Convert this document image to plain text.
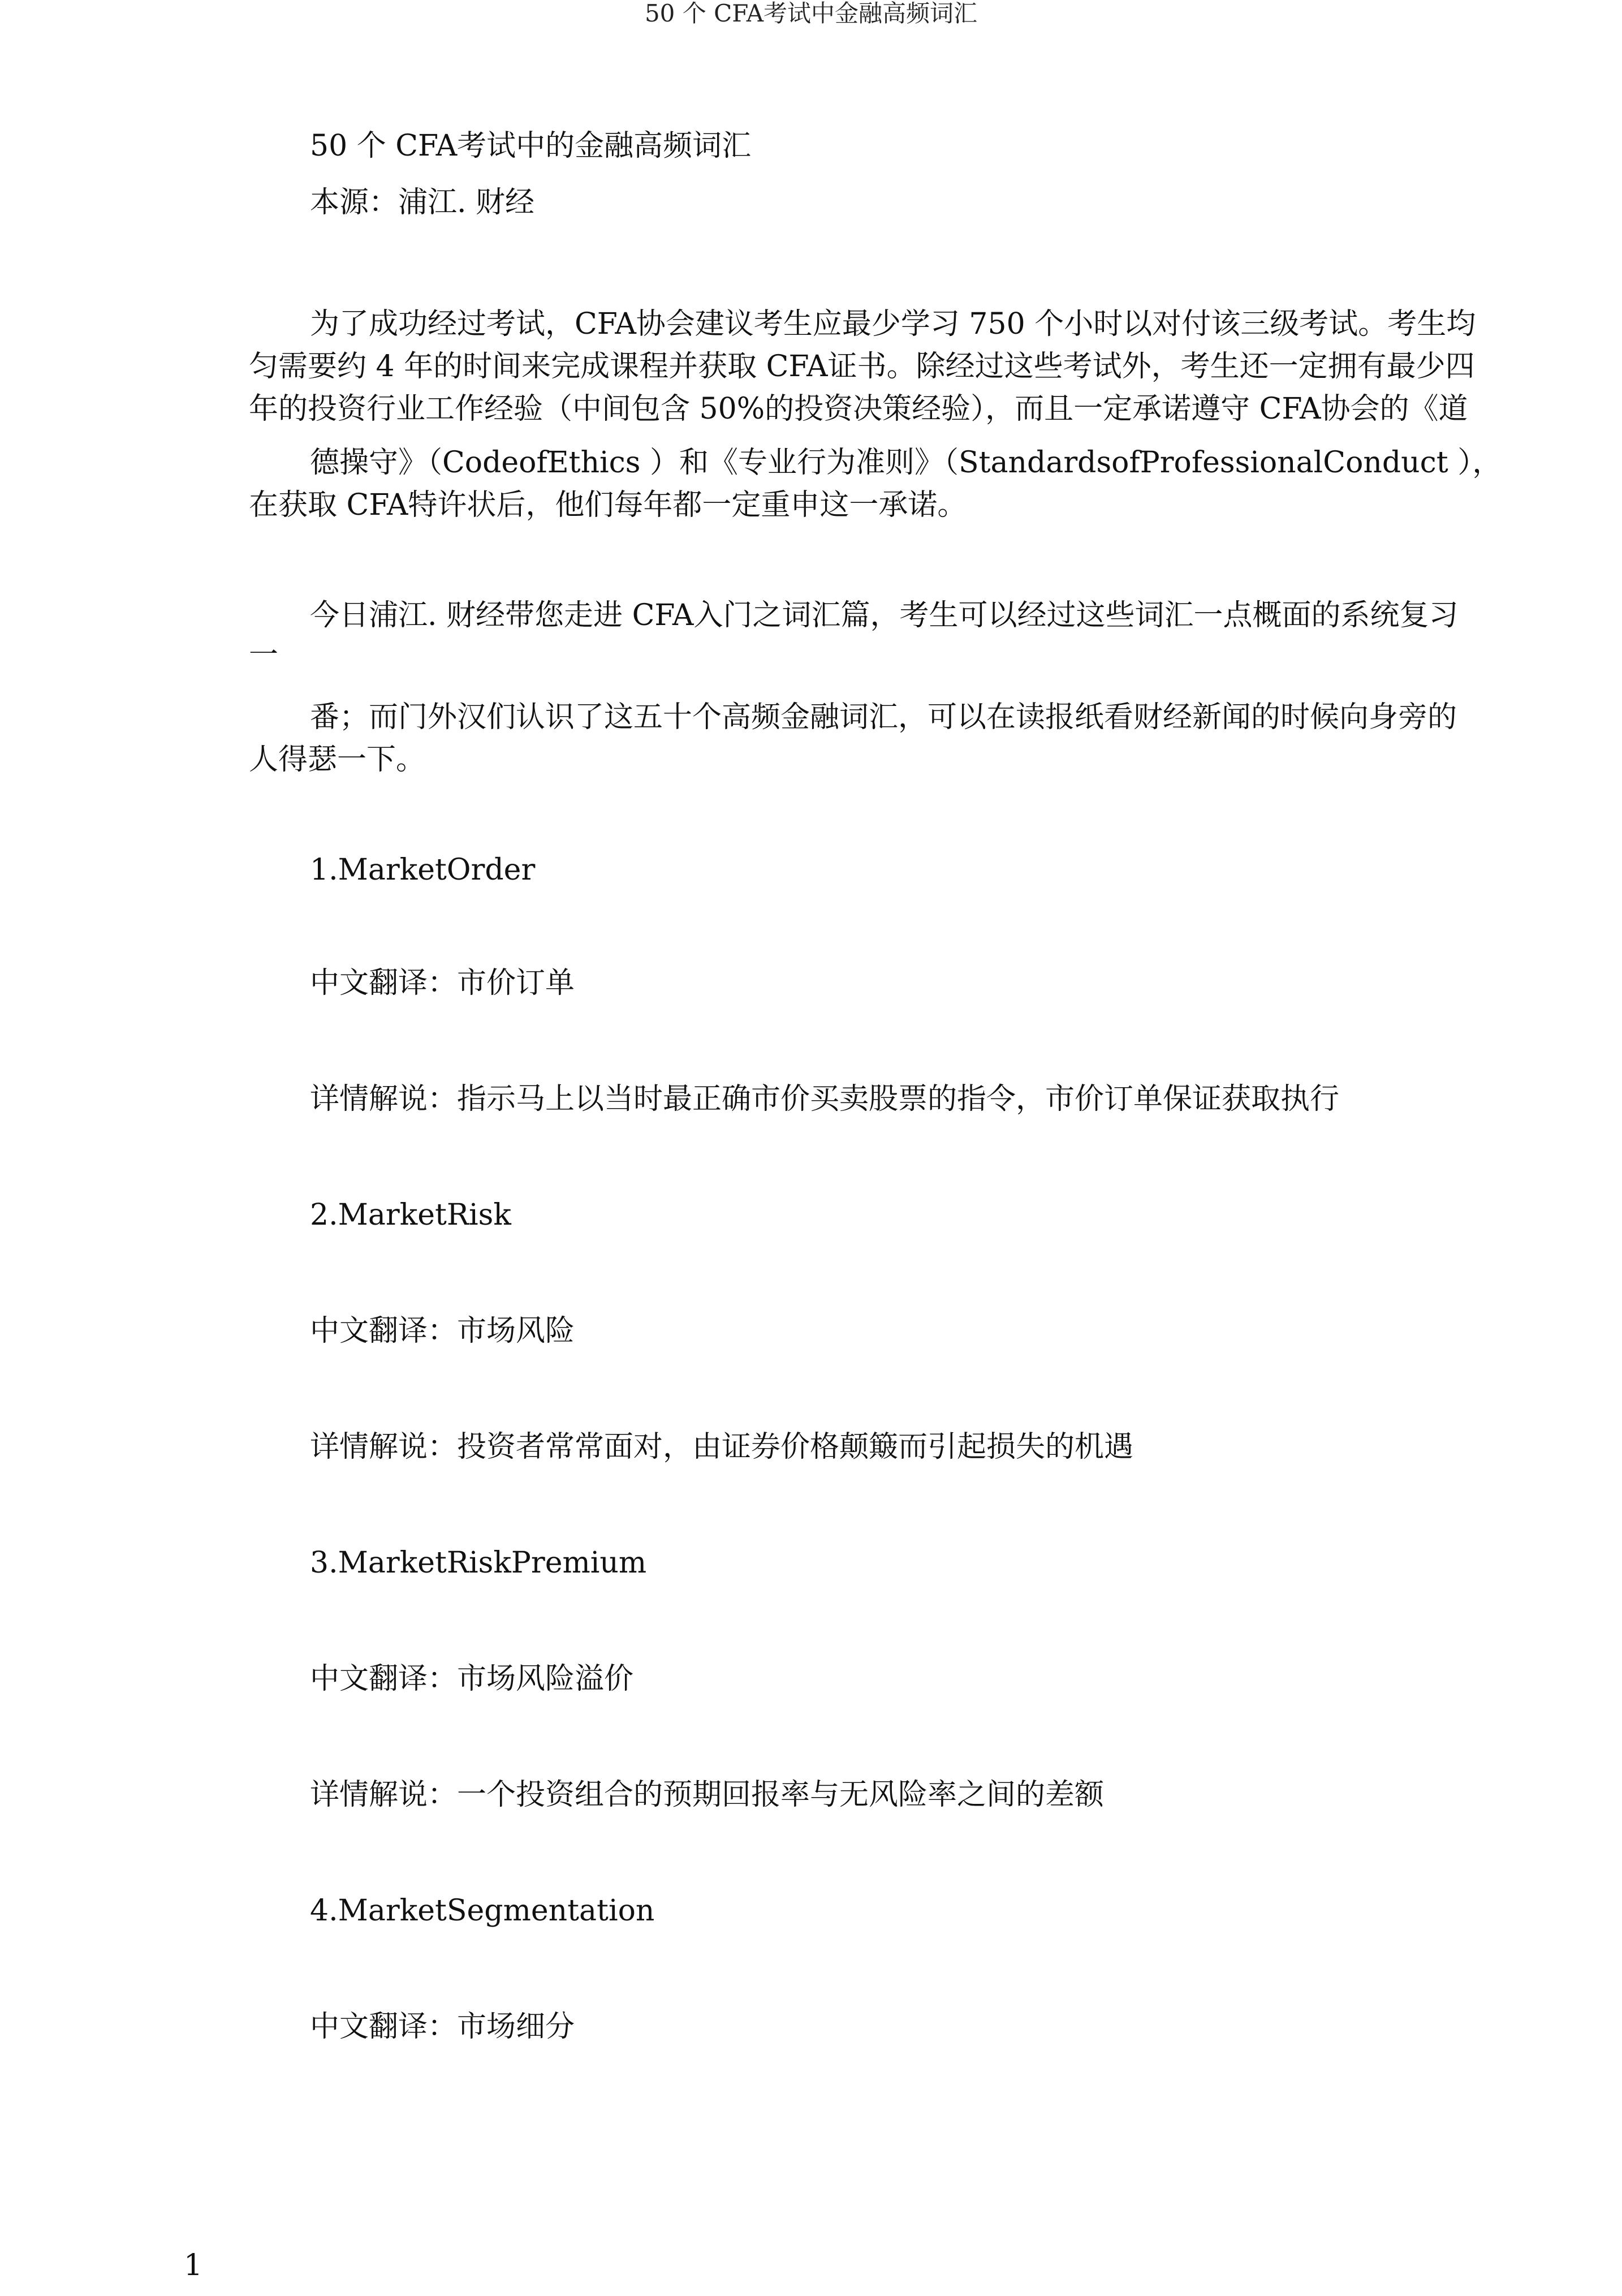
50 个 CFA考试中金融高频词汇
50 个 CFA考试中的金融高频词汇
本源：浦江. 财经
为了成功经过考试，CFA协会建议考生应最少学习 750 个小时以对付该三级考试。考生均
匀需要约 4 年的时间来完成课程并获取 CFA证书。除经过这些考试外，考生还一定拥有最少四
年的投资行业工作经验（中间包含 50%的投资决策经验），而且一定承诺遵守 CFA协会的《道
德操守》（CodeofEthics ）和《专业行为准则》（StandardsofProfessionalConduct ），
在获取 CFA特许状后，他们每年都一定重申这一承诺。
今日浦江. 财经带您走进 CFA入门之词汇篇，考生可以经过这些词汇一点概面的系统复习
一
番；而门外汉们认识了这五十个高频金融词汇，可以在读报纸看财经新闻的时候向身旁的
人得瑟一下。
1.MarketOrder
中文翻译：市价订单
详情解说：指示马上以当时最正确市价买卖股票的指令，市价订单保证获取执行
2.MarketRisk
中文翻译：市场风险
详情解说：投资者常常面对，由证券价格颠簸而引起损失的机遇
3.MarketRiskPremium
中文翻译：市场风险溢价
详情解说：一个投资组合的预期回报率与无风险率之间的差额
4.MarketSegmentation
中文翻译：市场细分
1
